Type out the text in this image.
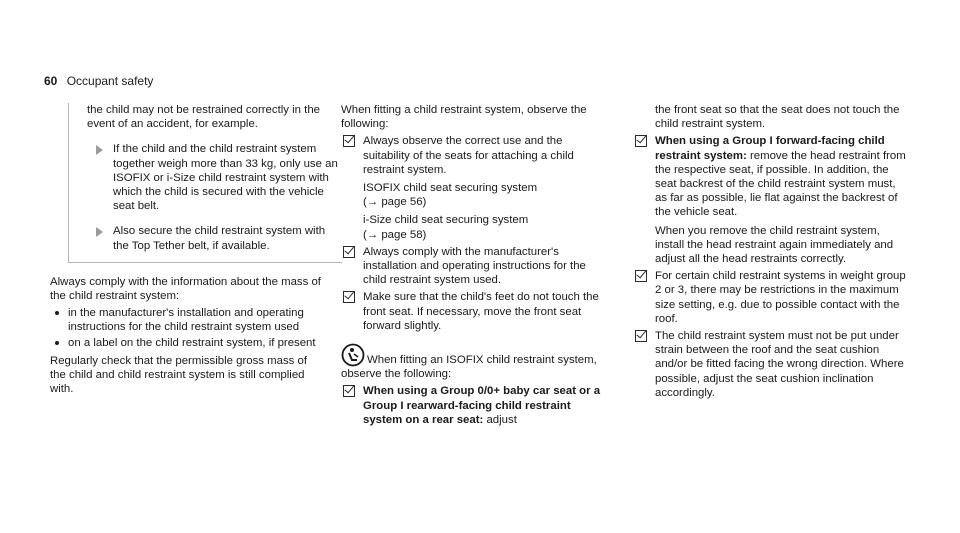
60 Occupant safety

the child may not be restrained correctly in the event of an accident, for example.

If the child and the child restraint system together weigh more than 33 kg, only use an ISOFIX or i-Size child restraint system with which the child is secured with the vehicle seat belt.
Also secure the child restraint system with the Top Tether belt, if available.

Always comply with the information about the mass of the child restraint system:

in the manufacturer's installation and operating instructions for the child restraint system used
on a label on the child restraint system, if present

Regularly check that the permissible gross mass of the child and child restraint system is still complied with.

When fitting a child restraint system, observe the following:

Always observe the correct use and the suitability of the seats for attaching a child restraint system.

ISOFIX child seat securing system

(→ page 56)

i-Size child seat securing system

(→ page 58)

Always comply with the manufacturer's installation and operating instructions for the child restraint system used.

Make sure that the child's feet do not touch the front seat. If necessary, move the front seat forward slightly.

When fitting an ISOFIX child restraint system, observe the following:

When using a Group 0/0+ baby car seat or a Group I rearward-facing child restraint system on a rear seat: adjust

the front seat so that the seat does not touch the child restraint system.

When using a Group I forward-facing child restraint system: remove the head restraint from the respective seat, if possible. In addition, the seat backrest of the child restraint system must, as far as possible, lie flat against the backrest of the vehicle seat.

When you remove the child restraint system, install the head restraint again immediately and adjust all the head restraints correctly.

For certain child restraint systems in weight group 2 or 3, there may be restrictions in the maximum size setting, e.g. due to possible contact with the roof.

The child restraint system must not be put under strain between the roof and the seat cushion and/or be fitted facing the wrong direction. Where possible, adjust the seat cushion inclination accordingly.
